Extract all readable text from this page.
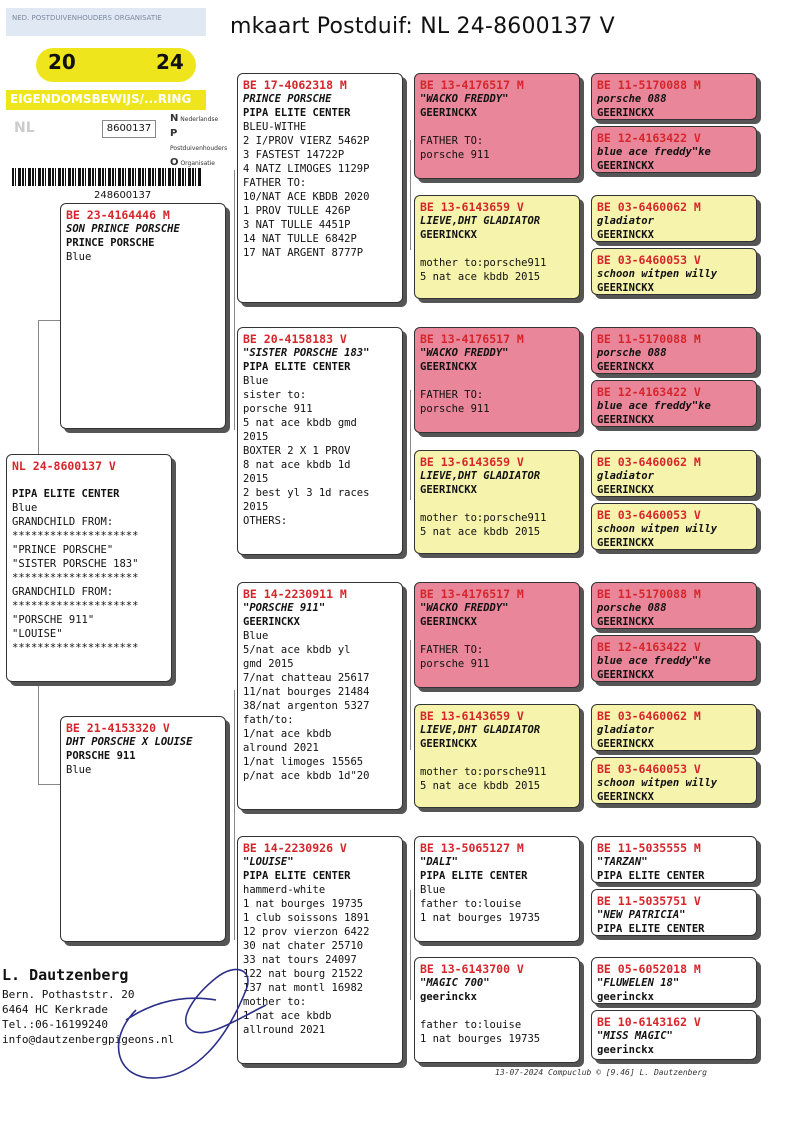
mkaart Postduif: NL 24-8600137 V
NED. POSTDUIVENHOUDERS ORGANISATIE
20	24
EIGENDOMSBEWIJS/...RING
NL	8600137
N Nederlandse
P Postduivenhouders
O Organisatie
248600137
NL 24-8600137 V

PIPA ELITE CENTER
Blue
GRANDCHILD FROM:
********************
"PRINCE PORSCHE"
"SISTER PORSCHE 183"
********************
GRANDCHILD FROM:
********************
"PORSCHE 911"
"LOUISE"
********************
BE 23-4164446 M
SON PRINCE PORSCHE
PRINCE PORSCHE
Blue
BE 21-4153320 V
DHT PORSCHE X LOUISE
PORSCHE 911
Blue
BE 17-4062318 M
PRINCE PORSCHE
PIPA ELITE CENTER
BLEU-WITHE
2 I/PROV VIERZ 5462P
3 FASTEST 14722P
4 NATZ LIMOGES 1129P
FATHER TO:
10/NAT ACE KBDB 2020
1 PROV TULLE 426P
3 NAT TULLE 4451P
14 NAT TULLE 6842P
17 NAT ARGENT 8777P
BE 20-4158183 V
"SISTER PORSCHE 183"
PIPA ELITE CENTER
Blue
sister to:
porsche 911
5 nat ace kbdb gmd
2015
BOXTER 2 X 1 PROV
8 nat ace kbdb 1d
2015
2 best yl 3 1d races
2015
OTHERS:
BE 14-2230911 M
"PORSCHE 911"
GEERINCKX
Blue
5/nat ace kbdb yl
gmd 2015
7/nat chatteau 25617
11/nat bourges 21484
38/nat argenton 5327
fath/to:
1/nat ace kbdb
alround 2021
1/nat limoges 15565
p/nat ace kbdb 1d"20
BE 14-2230926 V
"LOUISE"
PIPA ELITE CENTER
hammerd-white
1 nat bourges 19735
1 club soissons 1891
12 prov vierzon 6422
30 nat chater 25710
33 nat tours 24097
122 nat bourg 21522
137 nat montl 16982
mother to:
1 nat ace kbdb
allround 2021
BE 13-4176517 M
"WACKO FREDDY"
GEERINCKX
FATHER TO:
porsche 911
BE 13-6143659 V
LIEVE,DHT GLADIATOR
GEERINCKX
mother to:porsche911
5 nat ace kbdb 2015
BE 13-4176517 M
"WACKO FREDDY"
GEERINCKX
FATHER TO:
porsche 911
BE 13-6143659 V
LIEVE,DHT GLADIATOR
GEERINCKX
mother to:porsche911
5 nat ace kbdb 2015
BE 13-4176517 M
"WACKO FREDDY"
GEERINCKX
FATHER TO:
porsche 911
BE 13-6143659 V
LIEVE,DHT GLADIATOR
GEERINCKX
mother to:porsche911
5 nat ace kbdb 2015
BE 13-5065127 M
"DALI"
PIPA ELITE CENTER
Blue
father to:louise
1 nat bourges 19735
BE 13-6143700 V
"MAGIC 700"
geerinckx
father to:louise
1 nat bourges 19735
BE 11-5170088 M
porsche 088
GEERINCKX
BE 12-4163422 V
blue ace freddy"ke
GEERINCKX
BE 03-6460062 M
gladiator
GEERINCKX
BE 03-6460053 V
schoon witpen willy
GEERINCKX
BE 11-5170088 M
porsche 088
GEERINCKX
BE 12-4163422 V
blue ace freddy"ke
GEERINCKX
BE 03-6460062 M
gladiator
GEERINCKX
BE 03-6460053 V
schoon witpen willy
GEERINCKX
BE 11-5170088 M
porsche 088
GEERINCKX
BE 12-4163422 V
blue ace freddy"ke
GEERINCKX
BE 03-6460062 M
gladiator
GEERINCKX
BE 03-6460053 V
schoon witpen willy
GEERINCKX
BE 11-5035555 M
"TARZAN"
PIPA ELITE CENTER
BE 11-5035751 V
"NEW PATRICIA"
PIPA ELITE CENTER
BE 05-6052018 M
"FLUWELEN 18"
geerinckx
BE 10-6143162 V
"MISS MAGIC"
geerinckx
L. Dautzenberg
Bern. Pothaststr. 20
6464 HC Kerkrade
Tel.:06-16199240
info@dautzenbergpigeons.nl
13-07-2024 Compuclub © [9.46] L. Dautzenberg
